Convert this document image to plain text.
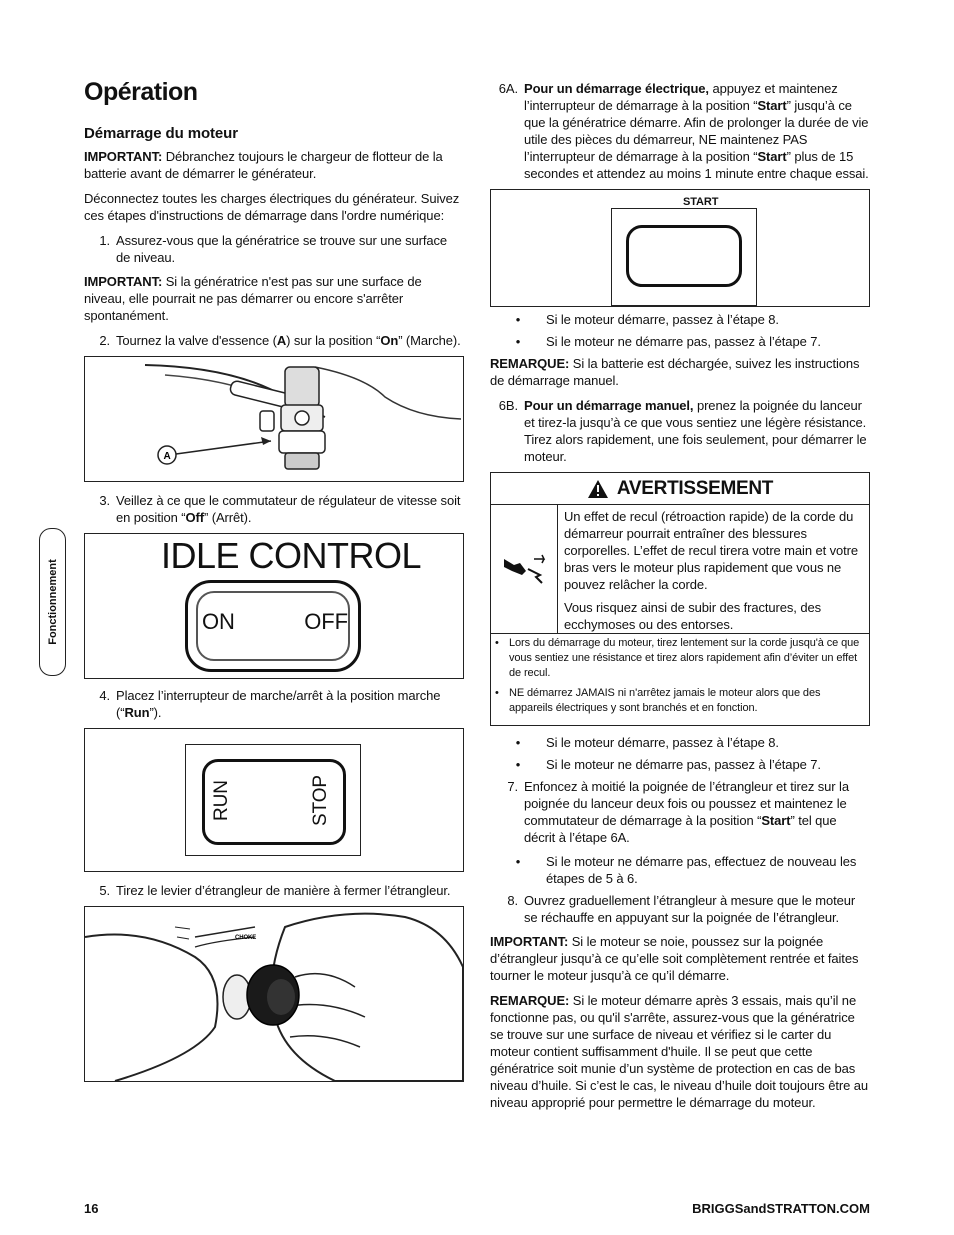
Fonctionnement
Opération
Démarrage du moteur

IMPORTANT: Débranchez toujours le chargeur de flotteur de la batterie avant de démarrer le générateur.

Déconnectez toutes les charges électriques du générateur. Suivez ces étapes d'instructions de démarrage dans l'ordre numérique:

1. Assurez-vous que la génératrice se trouve sur une surface de niveau.

IMPORTANT: Si la génératrice n'est pas sur une surface de niveau, elle pourrait ne pas démarrer ou encore s'arrêter spontanément.

2. Tournez la valve d'essence (A) sur la position “On” (Marche).
A
3. Veillez à ce que le commutateur de régulateur de vitesse soit en position “Off” (Arrêt).
IDLE CONTROL
ON	OFF
4. Placez l’interrupteur de marche/arrêt à la position marche (“Run”).
RUN	STOP
5. Tirez le levier d’étrangleur de manière à fermer l’étrangleur.
CHOKE
6A. Pour un démarrage électrique, appuyez et maintenez l’interrupteur de démarrage à la position “Start” jusqu’à ce que la génératrice démarre. Afin de prolonger la durée de vie utile des pièces du démarreur, NE maintenez PAS l’interrupteur de démarrage à la position “Start” plus de 15 secondes et attendez au moins 1 minute entre chaque essai.
START
•	Si le moteur démarre, passez à l’étape 8.
•	Si le moteur ne démarre pas, passez à l’étape 7.

REMARQUE: Si la batterie est déchargée, suivez les instructions de démarrage manuel.

6B. Pour un démarrage manuel, prenez la poignée du lanceur et tirez-la jusqu’à ce que vous sentiez une légère résistance. Tirez alors rapidement, une fois seulement, pour démarrer le moteur.
AVERTISSEMENT

Un effet de recul (rétroaction rapide) de la corde du démarreur pourrait entraîner des blessures corporelles. L’effet de recul tirera votre main et votre bras vers le moteur plus rapidement que vous ne pouvez relâcher la corde.

Vous risquez ainsi de subir des fractures, des ecchymoses ou des entorses.

• Lors du démarrage du moteur, tirez lentement sur la corde jusqu'à ce que vous sentiez une résistance et tirez alors rapidement afin d’éviter un effet de recul.
• NE démarrez JAMAIS ni n'arrêtez jamais le moteur alors que des appareils électriques y sont branchés et en fonction.
•	Si le moteur démarre, passez à l’étape 8.
•	Si le moteur ne démarre pas, passez à l’étape 7.
7. Enfoncez à moitié la poignée de l’étrangleur et tirez sur la poignée du lanceur deux fois ou poussez et maintenez le commutateur de démarrage à la position “Start” tel que décrit à l’étape 6A.
•	Si le moteur ne démarre pas, effectuez de nouveau les étapes de 5 à 6.
8. Ouvrez graduellement l’étrangleur à mesure que le moteur se réchauffe en appuyant sur la poignée de l’étrangleur.

IMPORTANT: Si le moteur se noie, poussez sur la poignée d’étrangleur jusqu’à ce qu’elle soit complètement rentrée et faites tourner le moteur jusqu’à ce qu’il démarre.

REMARQUE: Si le moteur démarre après 3 essais, mais qu’il ne fonctionne pas, ou qu'il s'arrête, assurez-vous que la génératrice se trouve sur une surface de niveau et vérifiez si le carter du moteur contient suffisamment d'huile. Il se peut que cette génératrice soit munie d’un système de protection en cas de bas niveau d’huile. Si c’est le cas, le niveau d’huile doit toujours être au niveau approprié pour permettre le démarrage du moteur.

16	BRIGGSandSTRATTON.COM
